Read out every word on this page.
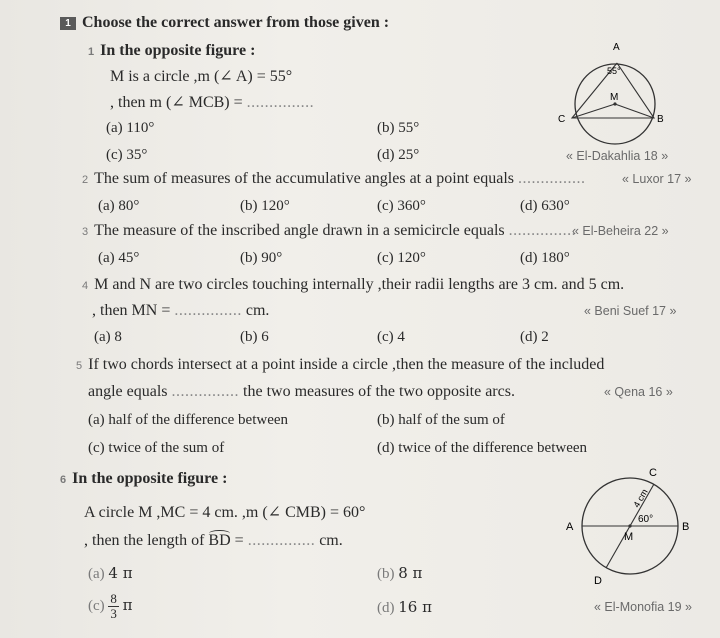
1 Choose the correct answer from those given :
1 In the opposite figure :
M is a circle ,m (∠ A) = 55°
, then m (∠ MCB) = ...............
(a) 110°	(b) 55°
(c) 35°	(d) 25°	« El-Dakahlia 18 »
A
55°
M
C	B
2 The sum of measures of the accumulative angles at a point equals ...............	« Luxor 17 »
(a) 80°	(b) 120°	(c) 360°	(d) 630°
3 The measure of the inscribed angle drawn in a semicircle equals ...............
« El-Beheira 22 »
(a) 45°	(b) 90°	(c) 120°	(d) 180°
4 M and N are two circles touching internally ,their radii lengths are 3 cm. and 5 cm.
, then MN = ............... cm.	« Beni Suef 17 »
(a) 8	(b) 6	(c) 4	(d) 2
5 If two chords intersect at a point inside a circle ,then the measure of the included
angle equals ............... the two measures of the two opposite arcs.	« Qena 16 »
(a) half of the difference between	(b) half of the sum of
(c) twice of the sum of	(d) twice of the difference between
6 In the opposite figure :
A circle M ,MC = 4 cm. ,m (∠ CMB) = 60°
, then the length of BD = ............... cm.
(a) 4 π	(b) 8 π
$(c) \frac{8}{3}$ π	(d) 16 π	« El-Monofia 19 »
C
4 cm
60°
A
M
B
D
